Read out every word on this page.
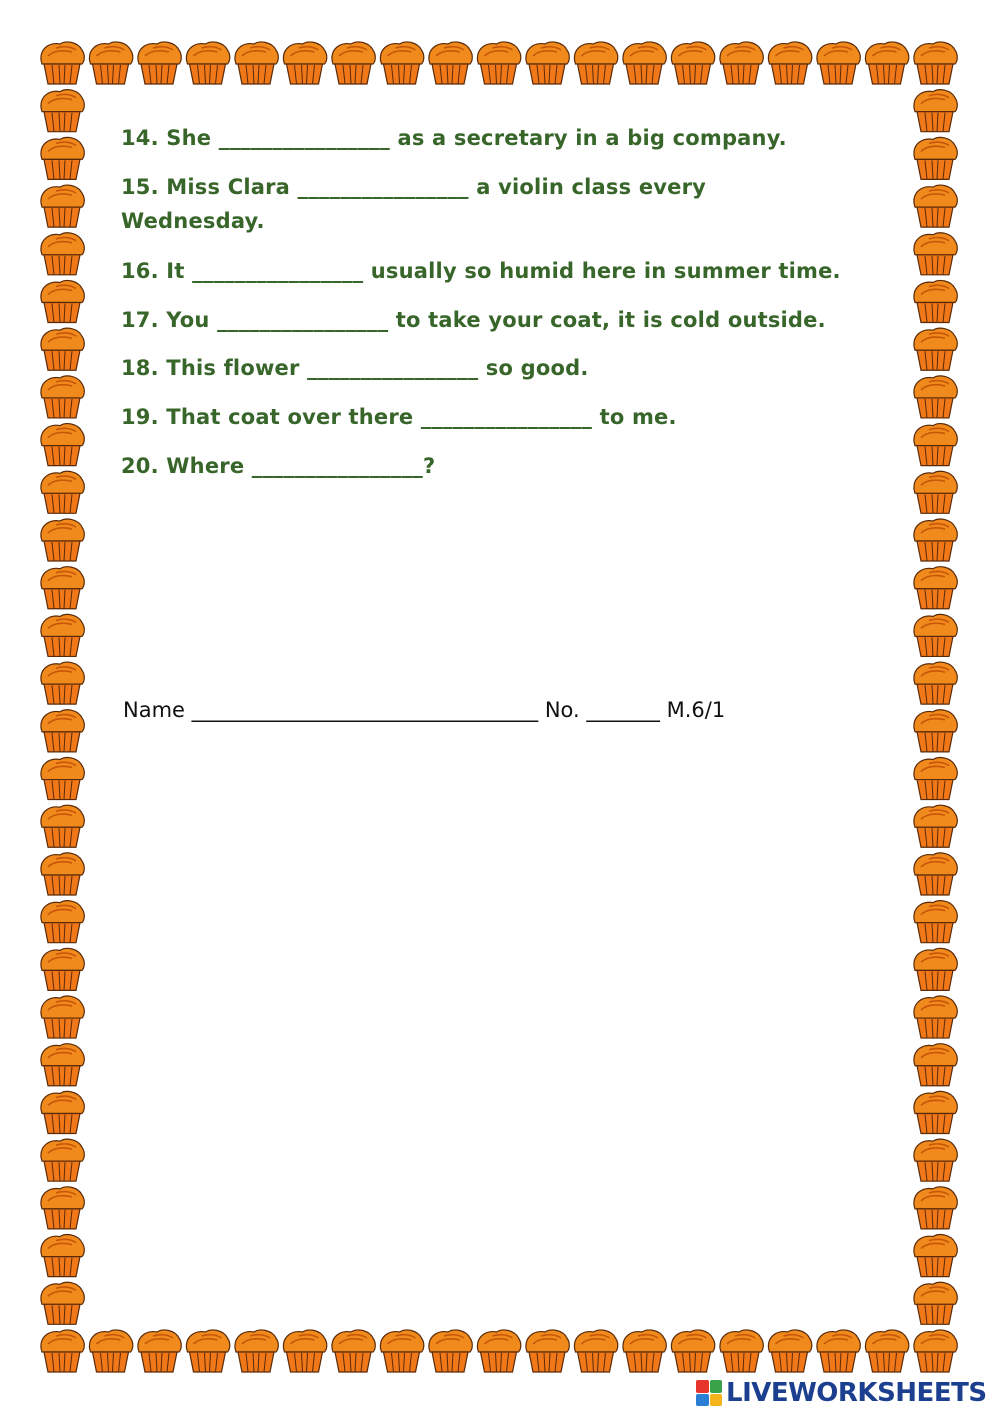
14. She ________________ as a secretary in a big company.
15. Miss Clara ________________ a violin class every
Wednesday.
16. It ________________ usually so humid here in summer time.
17. You ________________ to take your coat, it is cold outside.
18. This flower ________________ so good.
19. That coat over there ________________ to me.
20. Where ________________?
Name _________________________________ No. _______ M.6/1
LIVEWORKSHEETS
